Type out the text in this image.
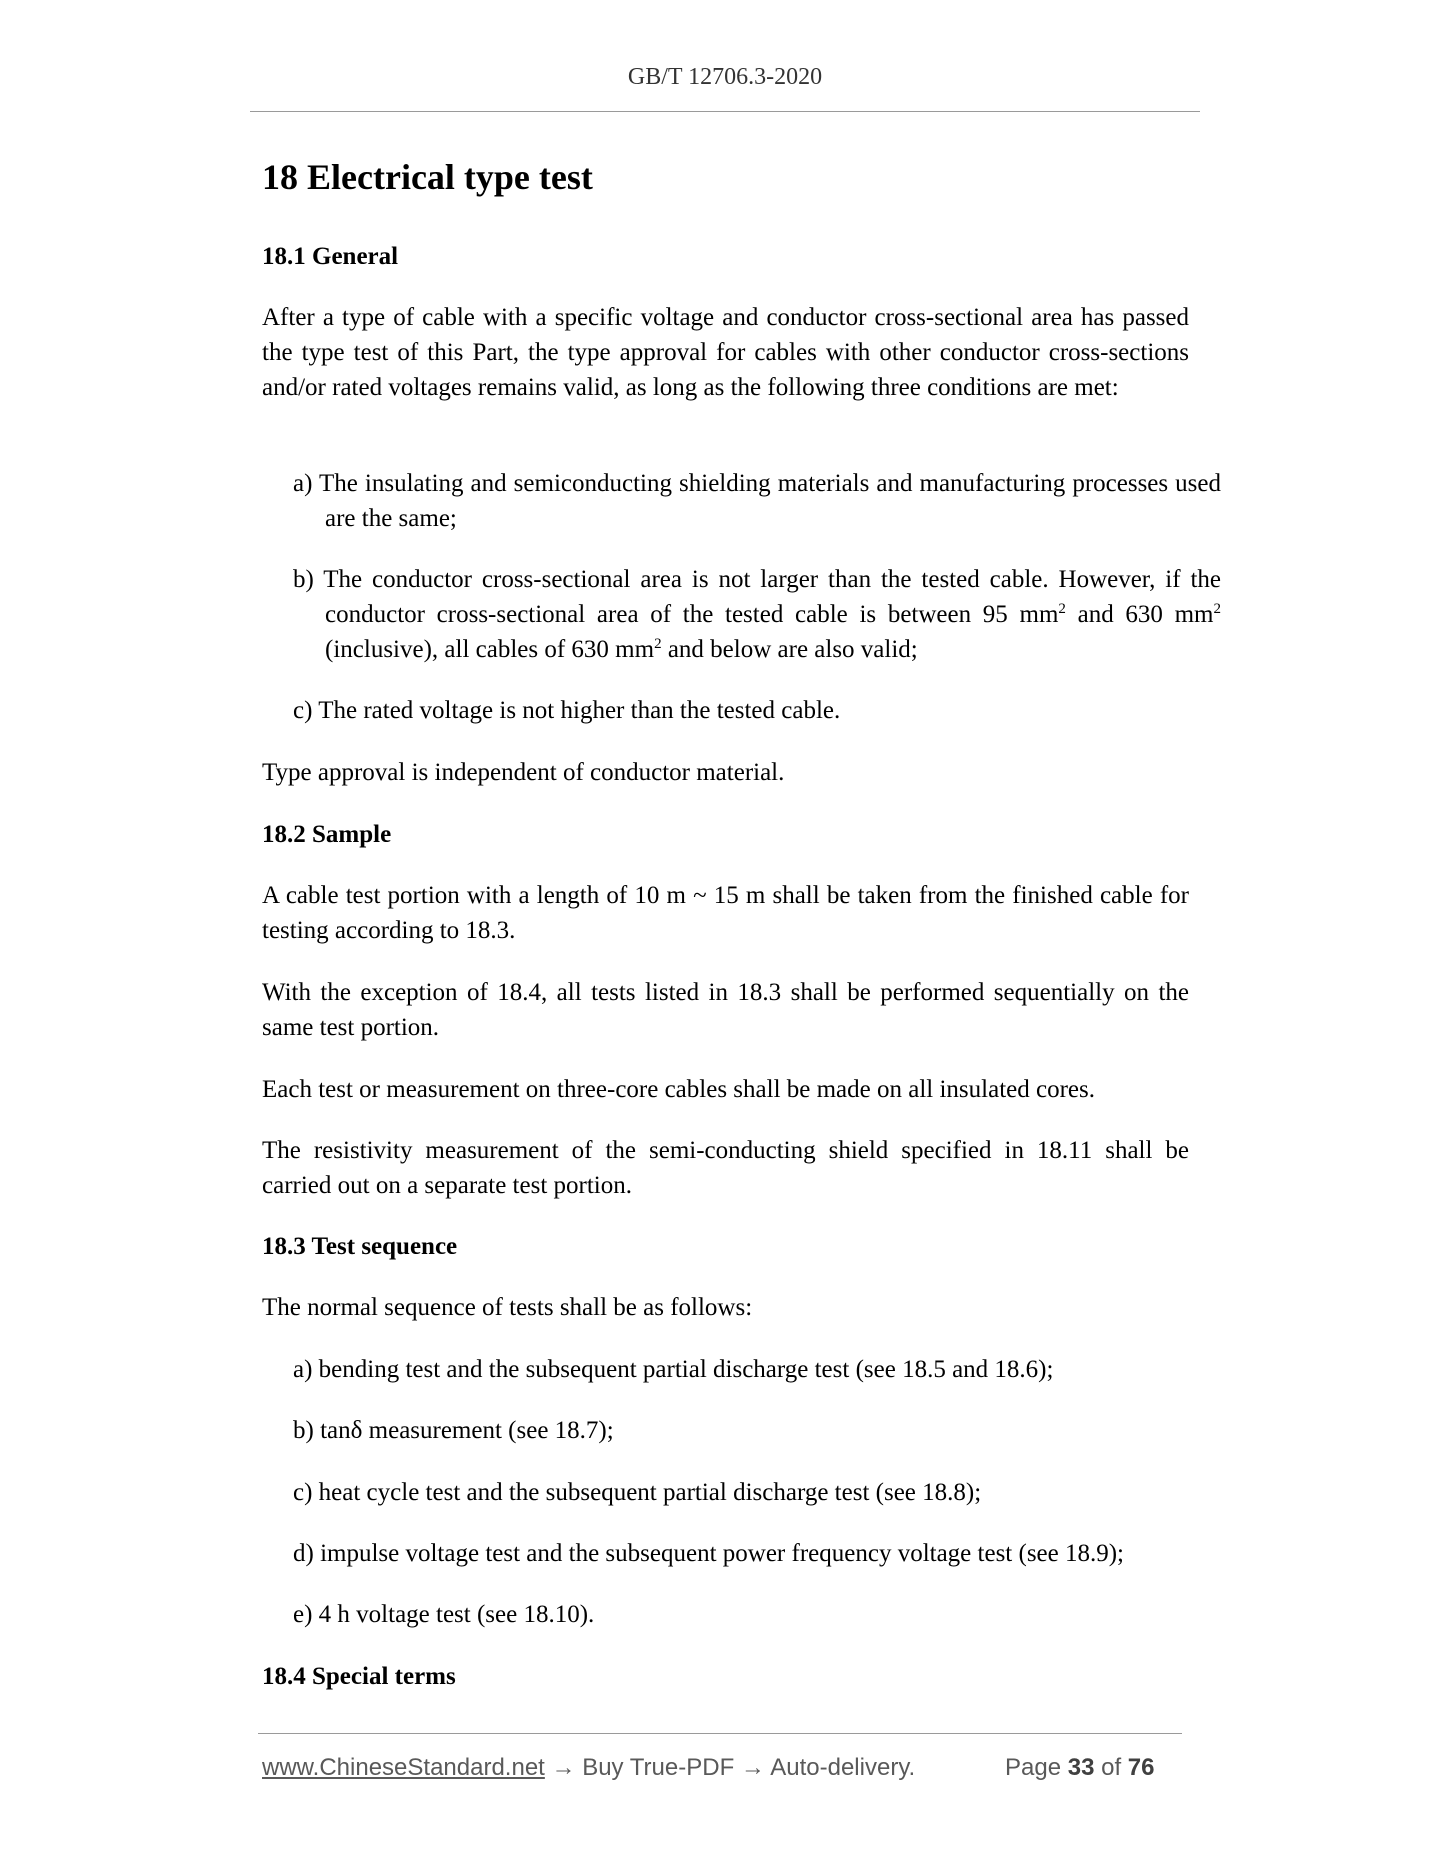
GB/T 12706.3-2020
18 Electrical type test
18.1 General
After a type of cable with a specific voltage and conductor cross-sectional area has passed the type test of this Part, the type approval for cables with other conductor cross-sections and/or rated voltages remains valid, as long as the following three conditions are met:
a) The insulating and semiconducting shielding materials and manufacturing processes used are the same;
b) The conductor cross-sectional area is not larger than the tested cable. However, if the conductor cross-sectional area of the tested cable is between 95 $mm^2$ and 630 $mm^2$ (inclusive), all cables of 630 $mm^2$ and below are also valid;
c) The rated voltage is not higher than the tested cable.
Type approval is independent of conductor material.
18.2 Sample
A cable test portion with a length of 10 m ~ 15 m shall be taken from the finished cable for testing according to 18.3.
With the exception of 18.4, all tests listed in 18.3 shall be performed sequentially on the same test portion.
Each test or measurement on three-core cables shall be made on all insulated cores.
The resistivity measurement of the semi-conducting shield specified in 18.11 shall be carried out on a separate test portion.
18.3 Test sequence
The normal sequence of tests shall be as follows:
a) bending test and the subsequent partial discharge test (see 18.5 and 18.6);
b) tanδ measurement (see 18.7);
c) heat cycle test and the subsequent partial discharge test (see 18.8);
d) impulse voltage test and the subsequent power frequency voltage test (see 18.9);
e) 4 h voltage test (see 18.10).
18.4 Special terms
www.ChineseStandard.net → Buy True-PDF → Auto-delivery.	Page 33 of 76
